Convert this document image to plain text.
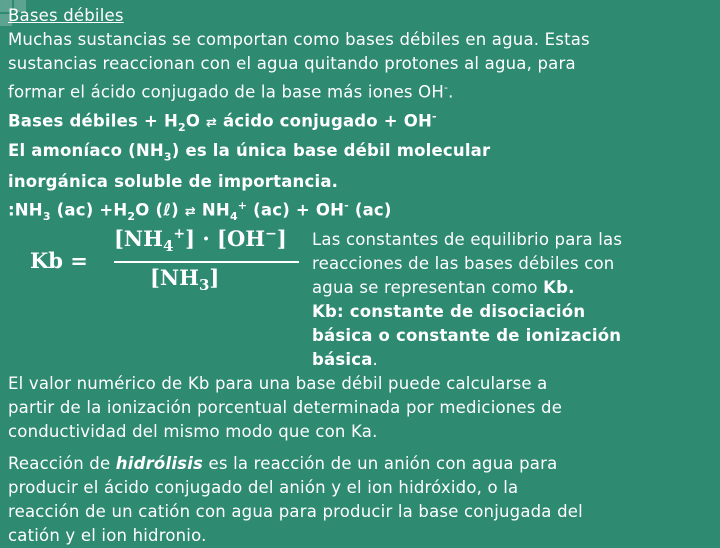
Bases débiles
Muchas sustancias se comportan como bases débiles en agua. Estas
sustancias reaccionan con el agua quitando protones al agua, para
formar el ácido conjugado de la base más iones OH-.
Bases débiles + $H_2O$ ⇄ ácido conjugado + OH-
El amoníaco $(NH_3)$ es la única base débil molecular
inorgánica soluble de importancia.
$:NH_3$ $(ac) +H_2O$ (ℓ) ⇄ $NH_4^+$ (ac) + OH- (ac)
Kb =
$[NH_4^+] \cdot [OH^-]$
$[NH_3]$
Las constantes de equilibrio para las
reacciones de las bases débiles con
agua se representan como Kb.
Kb: constante de disociación
básica o constante de ionización
básica.
El valor numérico de Kb para una base débil puede calcularse a
partir de la ionización porcentual determinada por mediciones de
conductividad del mismo modo que con Ka.
Reacción de hidrólisis es la reacción de un anión con agua para
producir el ácido conjugado del anión y el ion hidróxido, o la
reacción de un catión con agua para producir la base conjugada del
catión y el ion hidronio.
